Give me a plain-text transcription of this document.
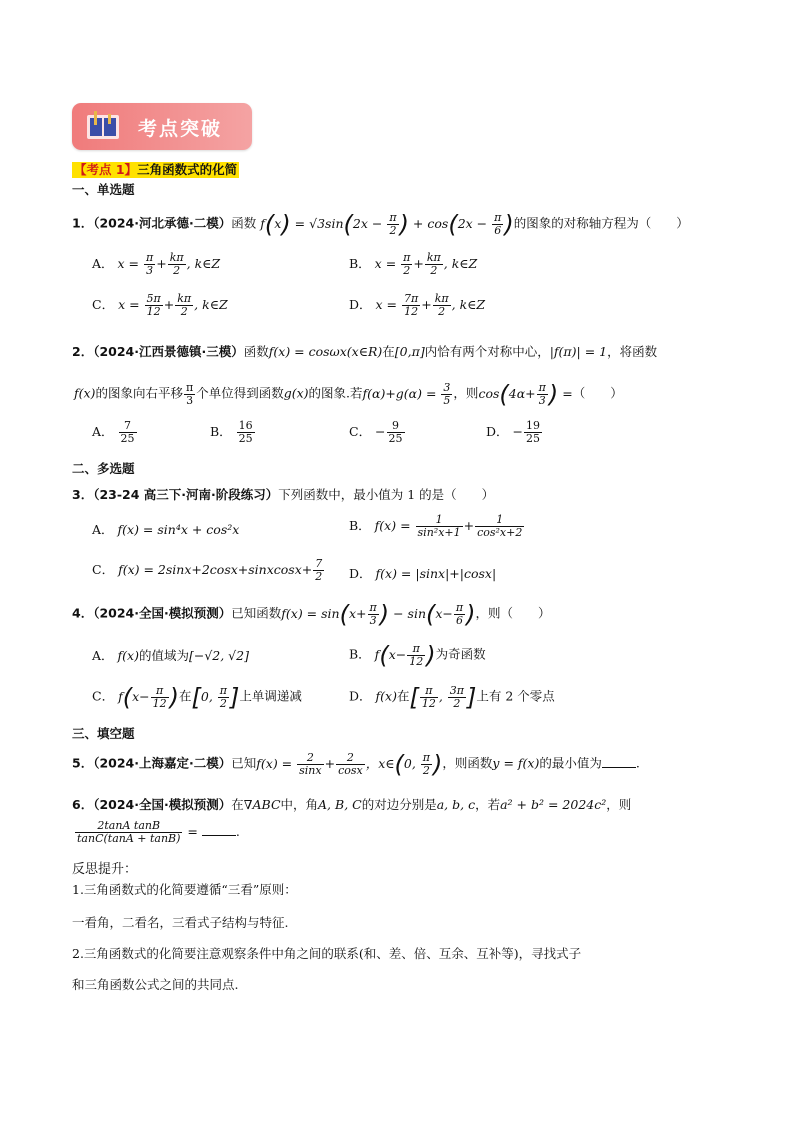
考点突破
【考点 1】三角函数式的化简
一、单选题
1．（2024·河北承德·二模）函数 $f(x) = √3\sin(2x - \frac{\pi}{2}$ ) + $\cos(2x - \frac{\pi}{6}$ )的图象的对称轴方程为（　　）
A． $x = \frac{\pi}{3} + \frac{k\pi}{2}$ , k∈Z	B． $x = \frac{\pi}{2} + \frac{k\pi}{2}$ , k∈Z
C． $x = \frac{5\pi}{12} + \frac{k\pi}{2}$ , k∈Z	D． $x = \frac{7\pi}{12} + \frac{k\pi}{2}$ , k∈Z
2．（2024·江西景德镇·三模）函数f(x) = cosωx(x∈R)在[0,π]内恰有两个对称中心，|f(π)| = 1，将函数
f(x)的图象向右平移 $\frac{\pi}{3}$ 个单位得到函数g(x)的图象.若$f(\alpha)+g(\alpha) = \frac{3}{5}$ ，则$\cos(4\alpha+ \frac{\pi}{3}$ ) =（　　）
A． $\frac{7}{25}$	B． $\frac{16}{25}$	C． − $\frac{9}{25}$	D． − $\frac{19}{25}$
二、多选题
3．（23-24 高三下·河南·阶段练习）下列函数中，最小值为 1 的是（　　）
A． f(x) = sin⁴x + cos²x	B． $f(x) = \frac{1}{\text{sin²x+1}} + \frac{1}{\text{cos²x+2}}$
C． f(x) = 2sinx+2cosx+sinxcosx+ $\frac{7}{2}$ D． f(x) = |sinx|+|cosx|
4．（2024·全国·模拟预测）已知函数$f(x) = \sin(x+ \frac{\pi}{3}$ ) − $\sin(x- \frac{\pi}{6}$ )，则（　　）
A． f(x)的值域为[−√2, √2]	B． $f(x- \frac{\pi}{12}$ )为奇函数
C． $f(x- \frac{\pi}{12}$ )在[0, $\frac{\pi}{2}$ ]上单调递减	D． f(x)在[ $\frac{\pi}{12}$ , $\frac{3\pi}{2}$ ]上有 2 个零点
三、填空题
5．（2024·上海嘉定·二模）已知$f(x) = \frac{2}{\sin x} + \frac{2}{\cos x}$ ，x∈(0, $\frac{\pi}{2}$ )，则函数y = f(x)的最小值为	.
6．（2024·全国·模拟预测）在∇ABC中，角A, B, C的对边分别是a, b, c，若a² + b² = 2024c²，则
$\frac{\text{2tanA tanB}}{\tan C(\tan A + \tan B)}$ =	.
反思提升：
1.三角函数式的化简要遵循“三看”原则：
一看角，二看名，三看式子结构与特征.
2.三角函数式的化简要注意观察条件中角之间的联系(和、差、倍、互余、互补等)，寻找式子
和三角函数公式之间的共同点.
